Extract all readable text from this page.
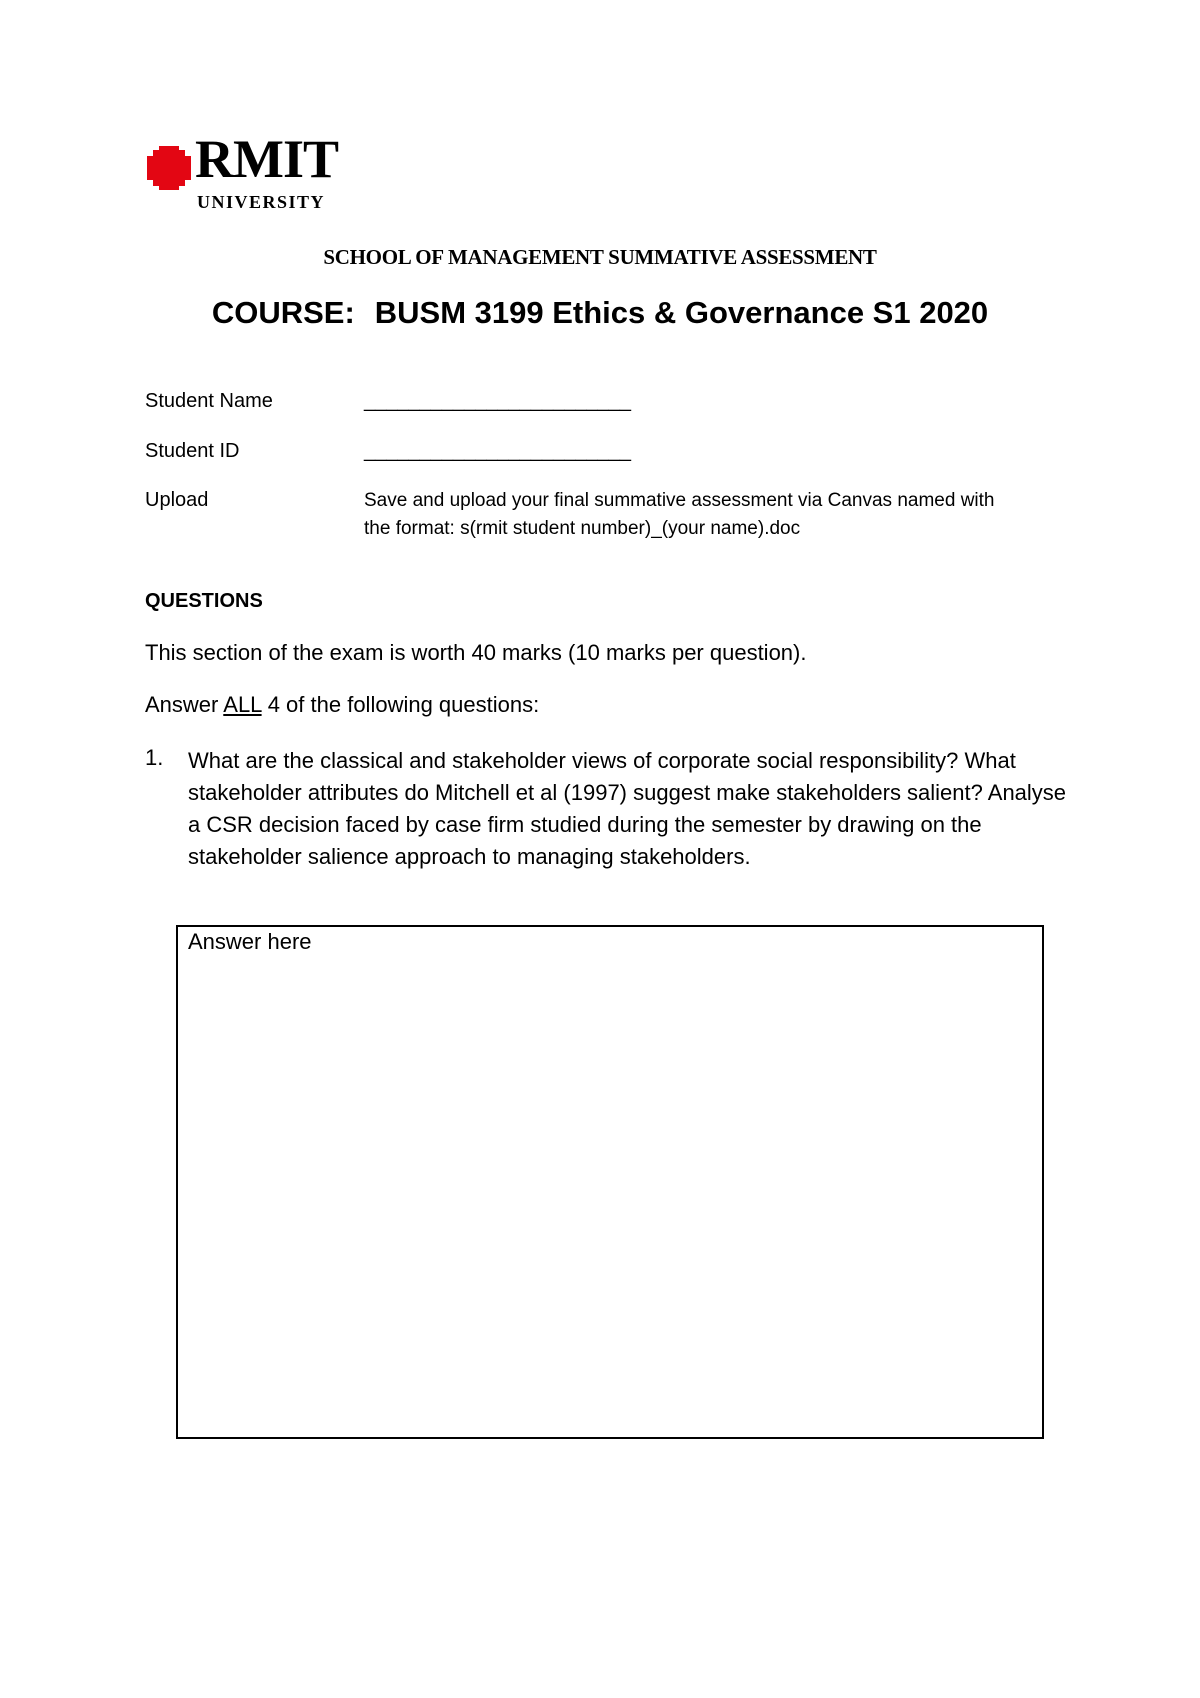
RMIT
UNIVERSITY
SCHOOL OF MANAGEMENT SUMMATIVE ASSESSMENT
COURSE: BUSM 3199 Ethics & Governance S1 2020
Student Name	________________________
Student ID	________________________
Upload	Save and upload your final summative assessment via Canvas named with
the format: s(rmit student number)_(your name).doc
QUESTIONS
This section of the exam is worth 40 marks (10 marks per question).
Answer ALL 4 of the following questions:
1. What are the classical and stakeholder views of corporate social responsibility? What stakeholder attributes do Mitchell et al (1997) suggest make stakeholders salient? Analyse a CSR decision faced by case firm studied during the semester by drawing on the stakeholder salience approach to managing stakeholders.
Answer here
